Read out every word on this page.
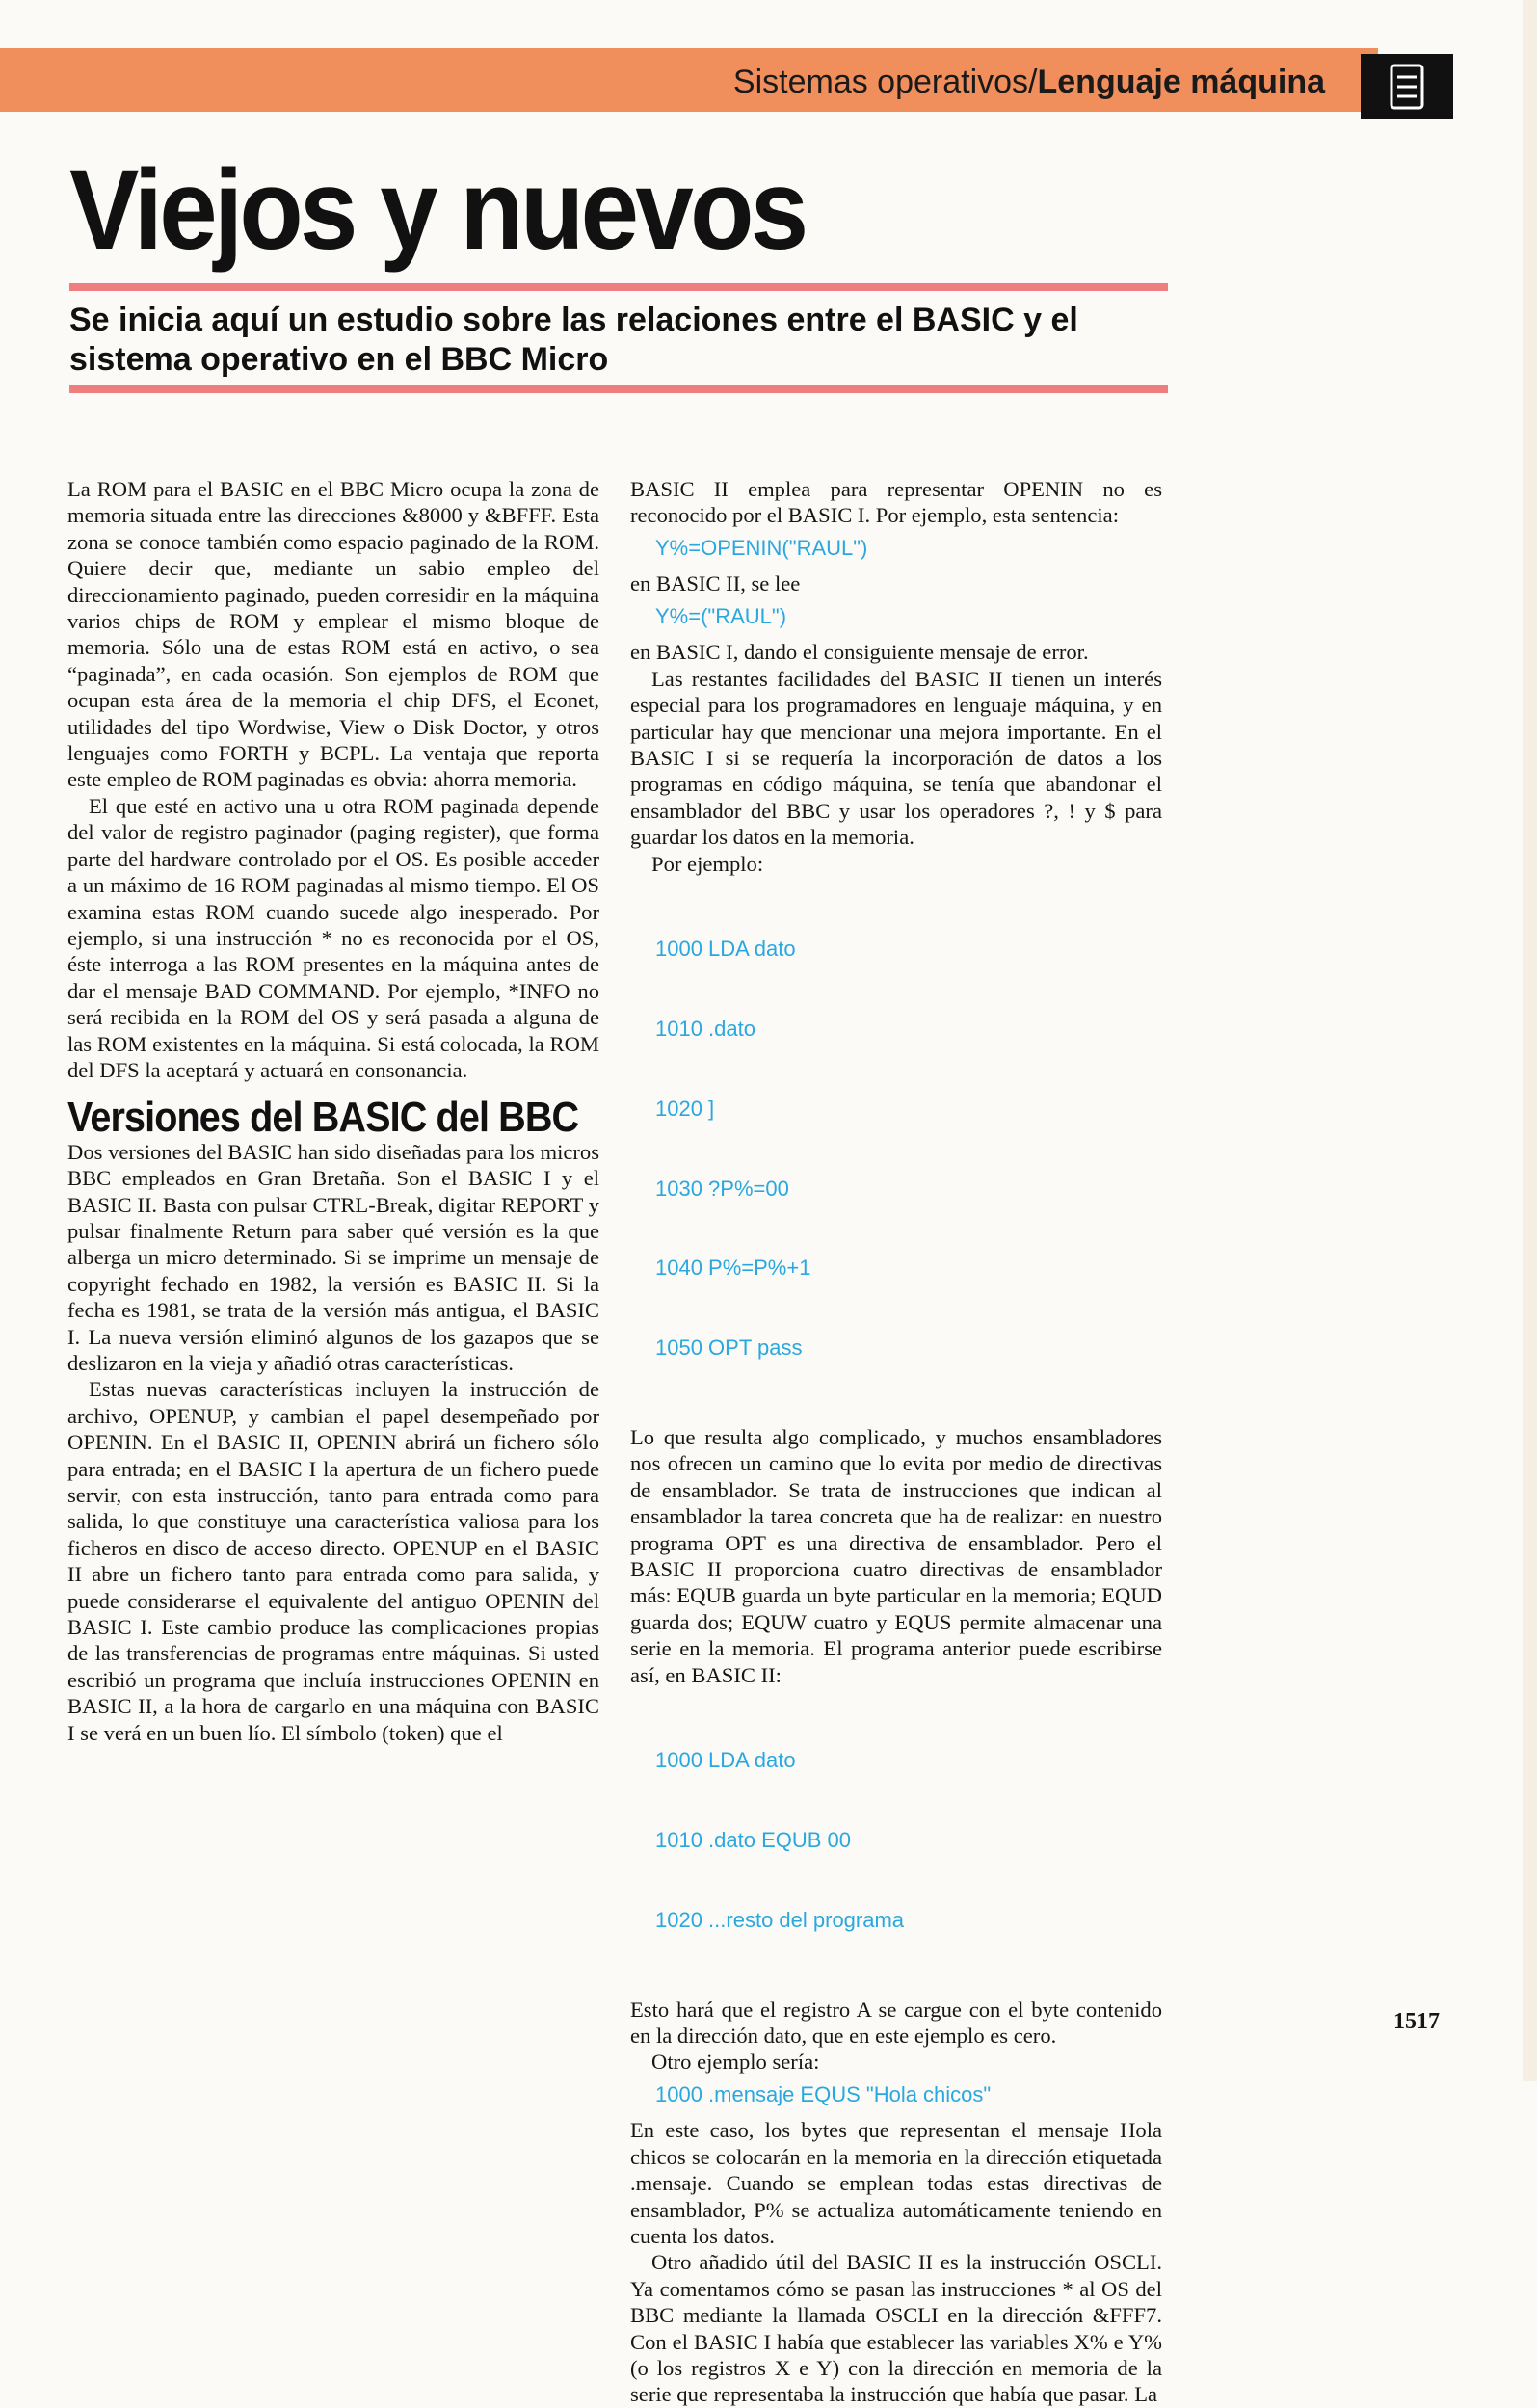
Sistemas operativos/Lenguaje máquina
Viejos y nuevos

Se inicia aquí un estudio sobre las relaciones entre el BASIC y el sistema operativo en el BBC Micro

La ROM para el BASIC en el BBC Micro ocupa la zona de memoria situada entre las direcciones &8000 y &BFFF. Esta zona se conoce también como espacio paginado de la ROM. Quiere decir que, mediante un sabio empleo del direccionamiento paginado, pueden corresidir en la máquina varios chips de ROM y emplear el mismo bloque de memoria. Sólo una de estas ROM está en activo, o sea “paginada”, en cada ocasión. Son ejemplos de ROM que ocupan esta área de la memoria el chip DFS, el Econet, utilidades del tipo Wordwise, View o Disk Doctor, y otros lenguajes como FORTH y BCPL. La ventaja que reporta este empleo de ROM paginadas es obvia: ahorra memoria.

El que esté en activo una u otra ROM paginada depende del valor de registro paginador (paging register), que forma parte del hardware controlado por el OS. Es posible acceder a un máximo de 16 ROM paginadas al mismo tiempo. El OS examina estas ROM cuando sucede algo inesperado. Por ejemplo, si una instrucción * no es reconocida por el OS, éste interroga a las ROM presentes en la máquina antes de dar el mensaje BAD COMMAND. Por ejemplo, *INFO no será recibida en la ROM del OS y será pasada a alguna de las ROM existentes en la máquina. Si está colocada, la ROM del DFS la aceptará y actuará en consonancia.

Versiones del BASIC del BBC

Dos versiones del BASIC han sido diseñadas para los micros BBC empleados en Gran Bretaña. Son el BASIC I y el BASIC II. Basta con pulsar CTRL-Break, digitar REPORT y pulsar finalmente Return para saber qué versión es la que alberga un micro determinado. Si se imprime un mensaje de copyright fechado en 1982, la versión es BASIC II. Si la fecha es 1981, se trata de la versión más antigua, el BASIC I. La nueva versión eliminó algunos de los gazapos que se deslizaron en la vieja y añadió otras características.

Estas nuevas características incluyen la instrucción de archivo, OPENUP, y cambian el papel desempeñado por OPENIN. En el BASIC II, OPENIN abrirá un fichero sólo para entrada; en el BASIC I la apertura de un fichero puede servir, con esta instrucción, tanto para entrada como para salida, lo que constituye una característica valiosa para los ficheros en disco de acceso directo. OPENUP en el BASIC II abre un fichero tanto para entrada como para salida, y puede considerarse el equivalente del antiguo OPENIN del BASIC I. Este cambio produce las complicaciones propias de las transferencias de programas entre máquinas. Si usted escribió un programa que incluía instrucciones OPENIN en BASIC II, a la hora de cargarlo en una máquina con BASIC I se verá en un buen lío. El símbolo (token) que el

BASIC II emplea para representar OPENIN no es reconocido por el BASIC I. Por ejemplo, esta sentencia:

Y%=OPENIN("RAUL")

en BASIC II, se lee

Y%=("RAUL")

en BASIC I, dando el consiguiente mensaje de error.

Las restantes facilidades del BASIC II tienen un interés especial para los programadores en lenguaje máquina, y en particular hay que mencionar una mejora importante. En el BASIC I si se requería la incorporación de datos a los programas en código máquina, se tenía que abandonar el ensamblador del BBC y usar los operadores ?, ! y $ para guardar los datos en la memoria.

Por ejemplo:

1000 LDA dato

1010 .dato

1020 ]

1030 ?P%=00

1040 P%=P%+1

1050 OPT pass

Lo que resulta algo complicado, y muchos ensambladores nos ofrecen un camino que lo evita por medio de directivas de ensamblador. Se trata de instrucciones que indican al ensamblador la tarea concreta que ha de realizar: en nuestro programa OPT es una directiva de ensamblador. Pero el BASIC II proporciona cuatro directivas de ensamblador más: EQUB guarda un byte particular en la memoria; EQUD guarda dos; EQUW cuatro y EQUS permite almacenar una serie en la memoria. El programa anterior puede escribirse así, en BASIC II:

1000 LDA dato

1010 .dato EQUB 00

1020 ...resto del programa

Esto hará que el registro A se cargue con el byte contenido en la dirección dato, que en este ejemplo es cero.

Otro ejemplo sería:

1000 .mensaje EQUS "Hola chicos"

En este caso, los bytes que representan el mensaje Hola chicos se colocarán en la memoria en la dirección etiquetada .mensaje. Cuando se emplean todas estas directivas de ensamblador, P% se actualiza automáticamente teniendo en cuenta los datos.

Otro añadido útil del BASIC II es la instrucción OSCLI. Ya comentamos cómo se pasan las instrucciones * al OS del BBC mediante la llamada OSCLI en la dirección &FFF7. Con el BASIC I había que establecer las variables X% e Y% (o los registros X e Y) con la dirección en memoria de la serie que representaba la instrucción que había que pasar. La

1517
